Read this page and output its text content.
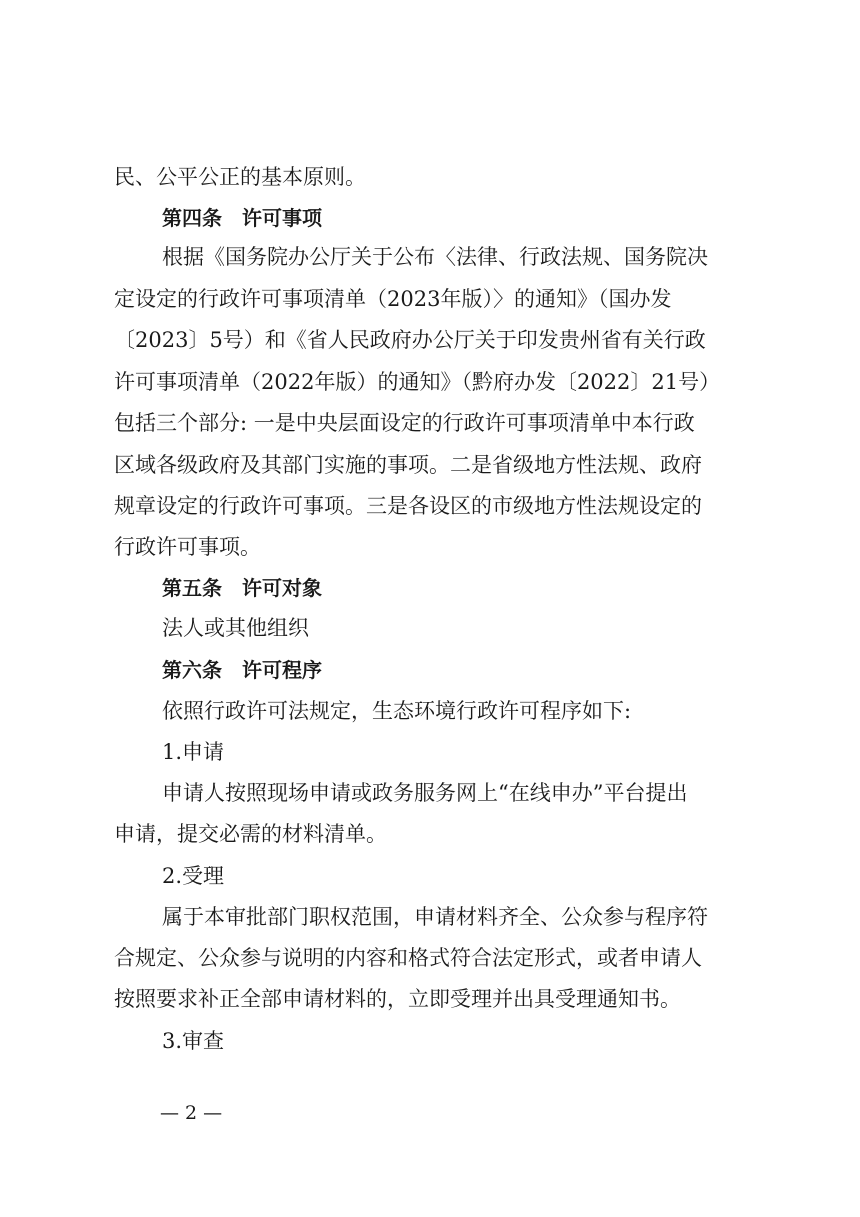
民、公平公正的基本原则。
第四条　许可事项
根据《国务院办公厅关于公布〈法律、行政法规、国务院决
定设定的行政许可事项清单（2023年版）〉的通知》（国办发
〔2023〕5号）和《省人民政府办公厅关于印发贵州省有关行政
许可事项清单（2022年版）的通知》（黔府办发〔2022〕21号）
包括三个部分: 一是中央层面设定的行政许可事项清单中本行政
区域各级政府及其部门实施的事项。二是省级地方性法规、政府
规章设定的行政许可事项。三是各设区的市级地方性法规设定的
行政许可事项。
第五条　许可对象
法人或其他组织
第六条　许可程序
依照行政许可法规定，生态环境行政许可程序如下:
1.申请
申请人按照现场申请或政务服务网上“在线申办”平台提出
申请，提交必需的材料清单。
2.受理
属于本审批部门职权范围，申请材料齐全、公众参与程序符
合规定、公众参与说明的内容和格式符合法定形式，或者申请人
按照要求补正全部申请材料的，立即受理并出具受理通知书。
3.审查
— 2 —
